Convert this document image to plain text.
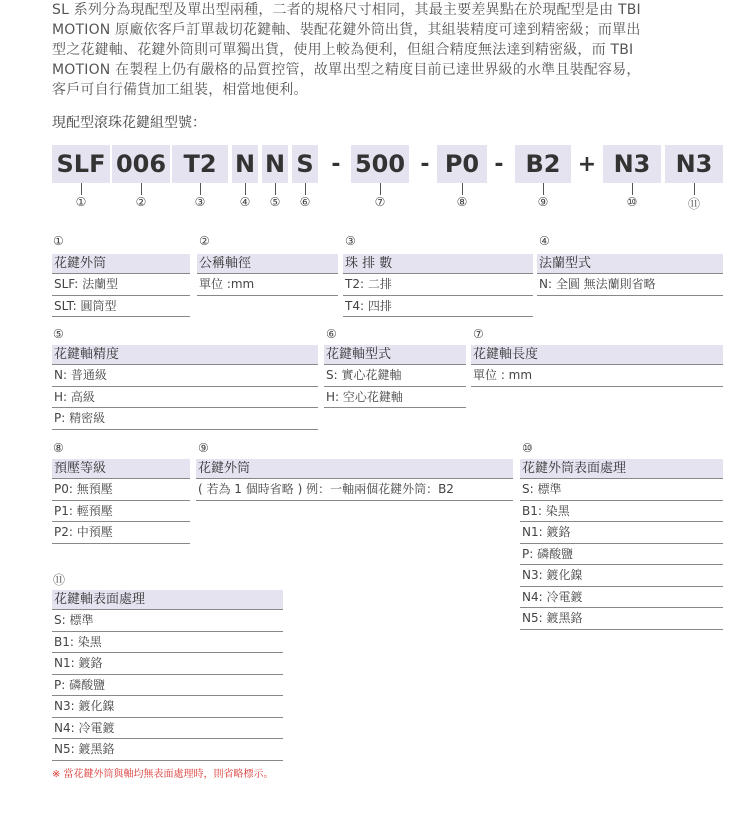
SL 系列分為現配型及單出型兩種，二者的規格尺寸相同，其最主要差異點在於現配型是由 TBI

MOTION 原廠依客戶訂單裁切花鍵軸、裝配花鍵外筒出貨，其組裝精度可達到精密級；而單出

型之花鍵軸、花鍵外筒則可單獨出貨，使用上較為便利，但組合精度無法達到精密級，而 TBI

MOTION 在製程上仍有嚴格的品質控管，故單出型之精度目前已達世界級的水準且裝配容易，

客戶可自行備貨加工組裝，相當地便利。

現配型滾珠花鍵組型號：
SLF 006 T2 N N S - 500 - P0 - B2 + N3	N3
①	②	③	④	⑤	⑥	⑦	⑧	⑨	⑩	⑪
①
花鍵外筒
SLF: 法蘭型
SLT: 圓筒型
②
公稱軸徑
單位 :mm
③
珠 排 數
T2: 二排
T4: 四排
④
法蘭型式
N: 全圓 無法蘭則省略
⑤
花鍵軸精度
N: 普通級
H: 高級
P: 精密級
⑥
花鍵軸型式
S: 實心花鍵軸
H: 空心花鍵軸
⑦
花鍵軸長度
單位 : mm
⑧
預壓等級
P0: 無預壓
P1: 輕預壓
P2: 中預壓
⑨
花鍵外筒
( 若為 1 個時省略 ) 例：一軸兩個花鍵外筒：B2
⑩
花鍵外筒表面處理
S: 標準
B1: 染黑
N1: 鍍鉻
P: 磷酸鹽
N3: 鍍化鎳
N4: 冷電鍍
N5: 鍍黑鉻
⑪
花鍵軸表面處理
S: 標準
B1: 染黑
N1: 鍍鉻
P: 磷酸鹽
N3: 鍍化鎳
N4: 冷電鍍
N5: 鍍黑鉻
※ 當花鍵外筒與軸均無表面處理時，則省略標示。
